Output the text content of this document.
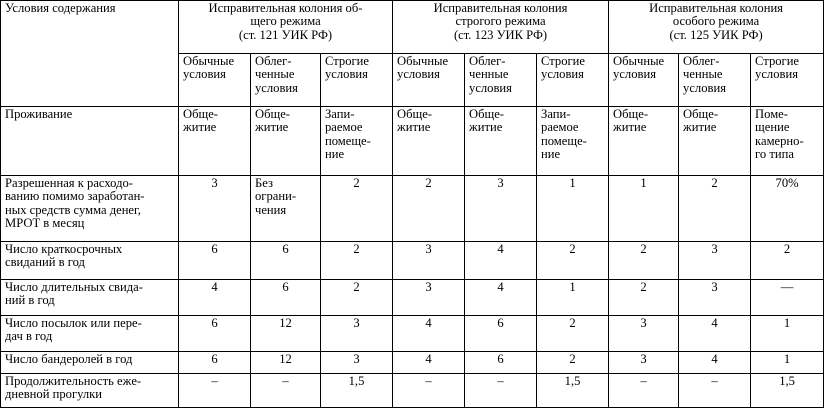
Условия содержания	Исправительная колония об-
щего режима
(ст. 121 УИК РФ)			Исправительная колония
строгого режима
(ст. 123 УИК РФ)			Исправительная колония
особого режима
(ст. 125 УИК РФ)		
	Обычные
условия	Облег-
ченные
условия	Строгие
условия	Обычные
условия	Облег-
ченные
условия	Строгие
условия	Обычные
условия	Облег-
ченные
условия	Строгие
условия
Проживание	Обще-
житие	Обще-
житие	Запи-
раемое
помеще-
ние	Обще-
житие	Обще-
житие	Запи-
раемое
помеще-
ние	Обще-
житие	Обще-
житие	Поме-
щение
камерно-
го типа
Разрешенная к расходо-
ванию помимо заработан-
ных средств сумма денег,
МРОТ в месяц	3	Без ограни-
чения	2	2	3	1	1	2	70%
Число краткосрочных
свиданий в год	6	6	2	3	4	2	2	3	2
Число длительных свида-
ний в год	4	6	2	3	4	1	2	3	—
Число посылок или пере-
дач в год	6	12	3	4	6	2	3	4	1
Число бандеролей в год	6	12	3	4	6	2	3	4	1
Продолжительность ежe-
дневной прогулки	–	–	1,5	–	–	1,5	–	–	1,5
